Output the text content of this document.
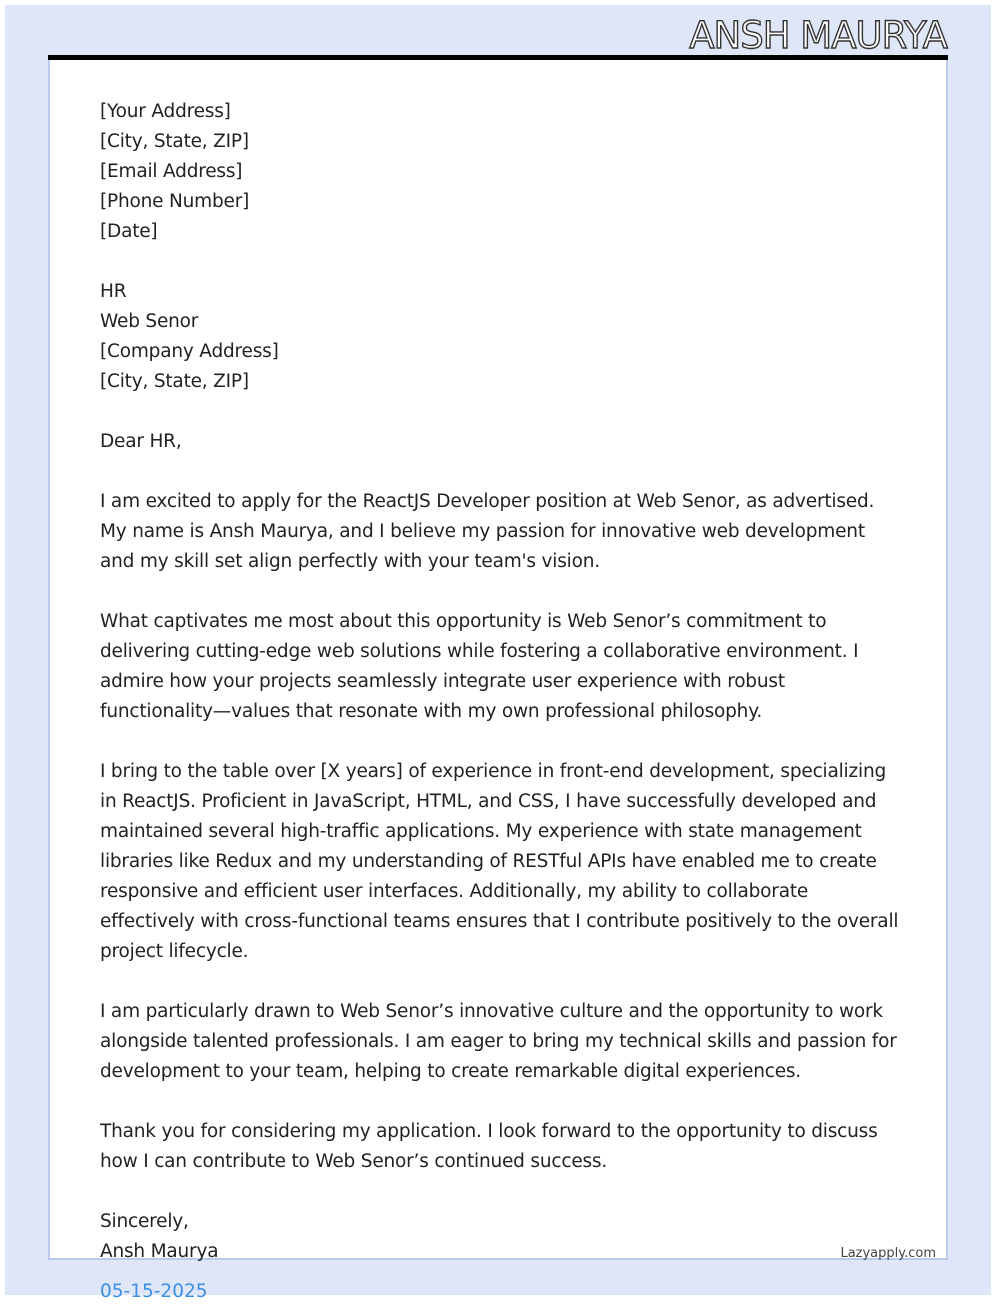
ANSH MAURYA
[Your Address]
[City, State, ZIP]
[Email Address]
[Phone Number]
[Date]
HR
Web Senor
[Company Address]
[City, State, ZIP]
Dear HR,
I am excited to apply for the ReactJS Developer position at Web Senor, as advertised. My name is Ansh Maurya, and I believe my passion for innovative web development and my skill set align perfectly with your team's vision.
What captivates me most about this opportunity is Web Senor’s commitment to delivering cutting-edge web solutions while fostering a collaborative environment. I admire how your projects seamlessly integrate user experience with robust functionality—values that resonate with my own professional philosophy.
I bring to the table over [X years] of experience in front-end development, specializing in ReactJS. Proficient in JavaScript, HTML, and CSS, I have successfully developed and maintained several high-traffic applications. My experience with state management libraries like Redux and my understanding of RESTful APIs have enabled me to create responsive and efficient user interfaces. Additionally, my ability to collaborate effectively with cross-functional teams ensures that I contribute positively to the overall project lifecycle.
I am particularly drawn to Web Senor’s innovative culture and the opportunity to work alongside talented professionals. I am eager to bring my technical skills and passion for development to your team, helping to create remarkable digital experiences.
Thank you for considering my application. I look forward to the opportunity to discuss how I can contribute to Web Senor’s continued success.
Sincerely,
Ansh Maurya
05-15-2025
Lazyapply.com
